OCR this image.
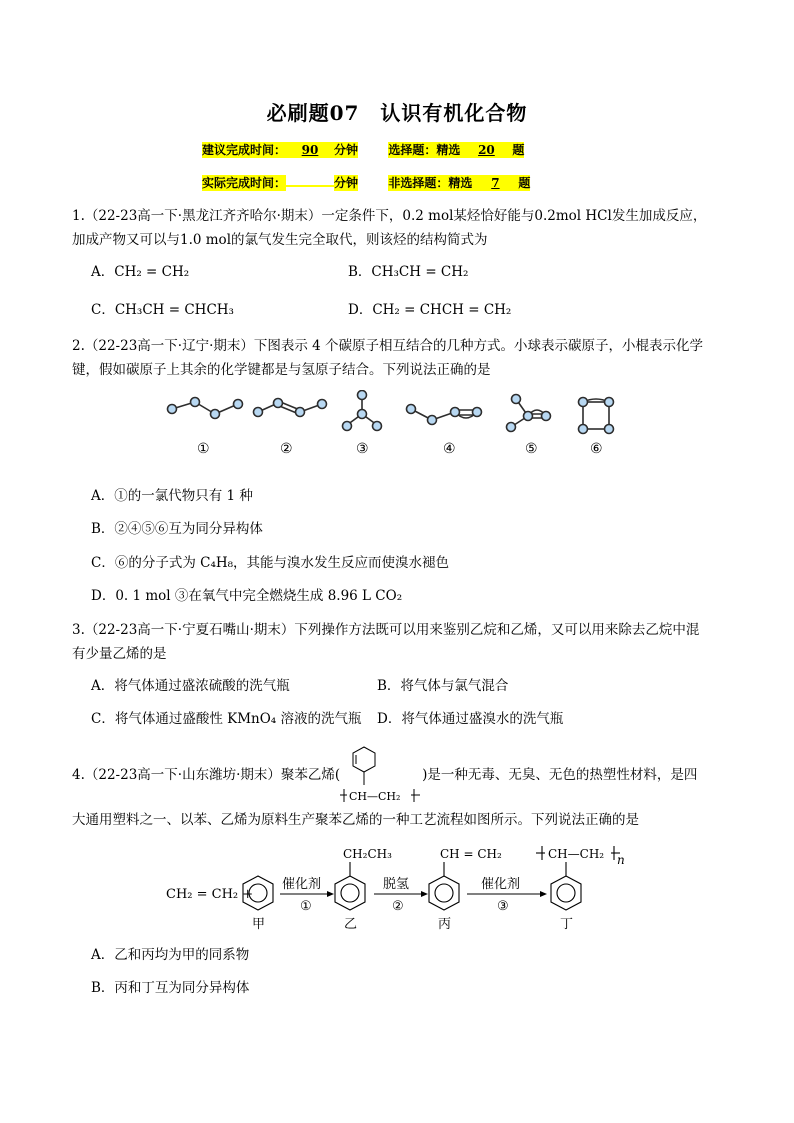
必刷题07　认识有机化合物
建议完成时间： 90 分钟	选择题：精选 20 题
实际完成时间：	分钟	非选择题：精选 7 题
1.（22-23高一下·黑龙江齐齐哈尔·期末）一定条件下，0.2 mol某烃恰好能与0.2mol HCl发生加成反应，
加成产物又可以与1.0 mol的氯气发生完全取代，则该烃的结构简式为
A．CH₂ = CH₂	B．CH₃CH = CH₂
C．CH₃CH = CHCH₃	D．CH₂ = CHCH = CH₂
2.（22-23高一下·辽宁·期末）下图表示 4 个碳原子相互结合的几种方式。小球表示碳原子，小棍表示化学
键，假如碳原子上其余的化学键都是与氢原子结合。下列说法正确的是
①	②	③	④	⑤	⑥
A．①的一氯代物只有 1 种
B．②④⑤⑥互为同分异构体
C．⑥的分子式为 C₄H₈，其能与溴水发生反应而使溴水褪色
D．0. 1 mol ③在氧气中完全燃烧生成 8.96 L CO₂
3.（22-23高一下·宁夏石嘴山·期末）下列操作方法既可以用来鉴别乙烷和乙烯，又可以用来除去乙烷中混
有少量乙烯的是
A．将气体通过盛浓硫酸的洗气瓶	B．将气体与氯气混合
C．将气体通过盛酸性 KMnO₄ 溶液的洗气瓶 D．将气体通过盛溴水的洗气瓶
4.（22-23高一下·山东潍坊·期末）聚苯乙烯(	)是一种无毒、无臭、无色的热塑性材料，是四
CH—CH₂
大通用塑料之一、以苯、乙烯为原料生产聚苯乙烯的一种工艺流程如图所示。下列说法正确的是
CH₂ = CH₂ +
催化剂
①
脱氢
②
催化剂
③
CH₂CH₃	CH = CH₂	CH—CH₂ n
甲	乙	丙	丁
A．乙和丙均为甲的同系物
B．丙和丁互为同分异构体
